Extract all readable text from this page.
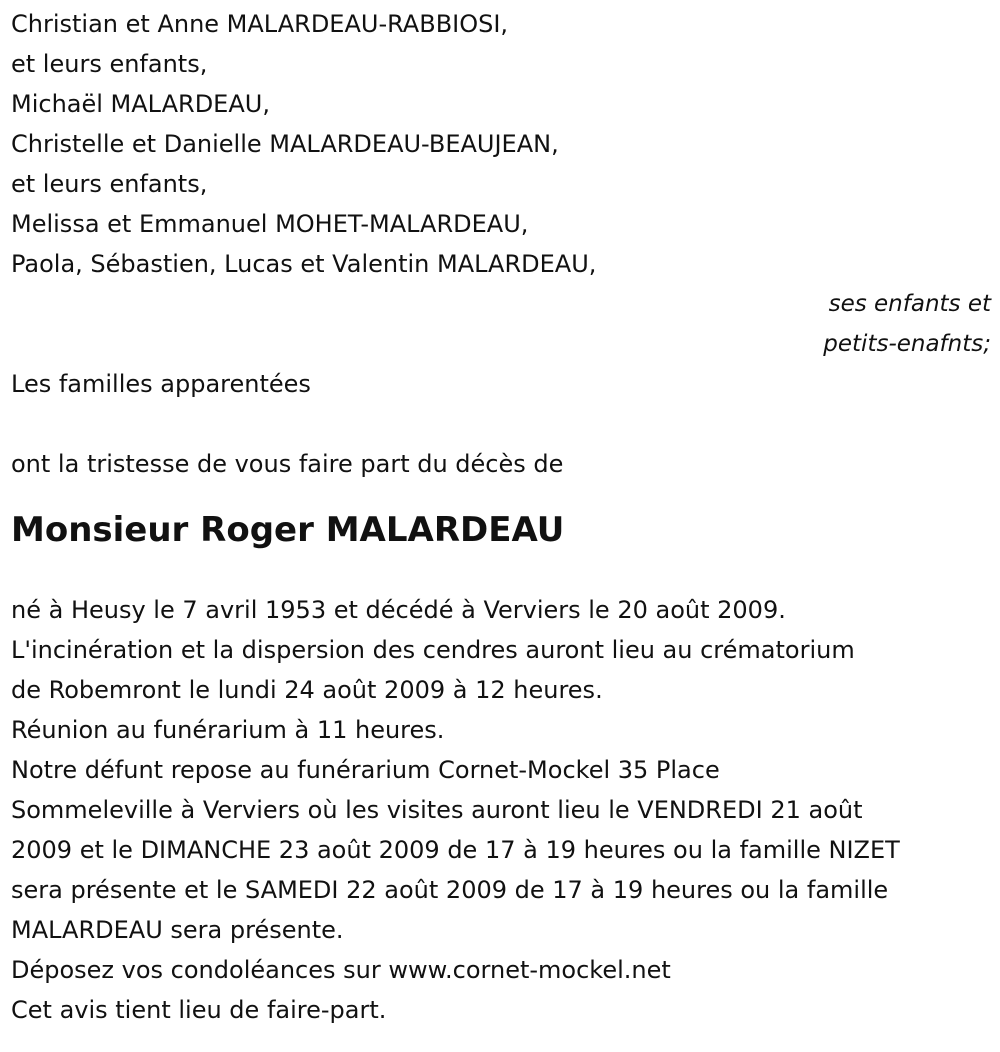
Christian et Anne MALARDEAU-RABBIOSI,
et leurs enfants,
Michaël MALARDEAU,
Christelle et Danielle MALARDEAU-BEAUJEAN,
et leurs enfants,
Melissa et Emmanuel MOHET-MALARDEAU,
Paola, Sébastien, Lucas et Valentin MALARDEAU,
ses enfants et
petits-enafnts;
Les familles apparentées
ont la tristesse de vous faire part du décès de
Monsieur Roger MALARDEAU
né à Heusy le 7 avril 1953 et décédé à Verviers le 20 août 2009.
L'incinération et la dispersion des cendres auront lieu au crématorium
de Robemront le lundi 24 août 2009 à 12 heures.
Réunion au funérarium à 11 heures.
Notre défunt repose au funérarium Cornet-Mockel 35 Place
Sommeleville à Verviers où les visites auront lieu le VENDREDI 21 août
2009 et le DIMANCHE 23 août 2009 de 17 à 19 heures ou la famille NIZET
sera présente et le SAMEDI 22 août 2009 de 17 à 19 heures ou la famille
MALARDEAU sera présente.
Déposez vos condoléances sur www.cornet-mockel.net
Cet avis tient lieu de faire-part.
